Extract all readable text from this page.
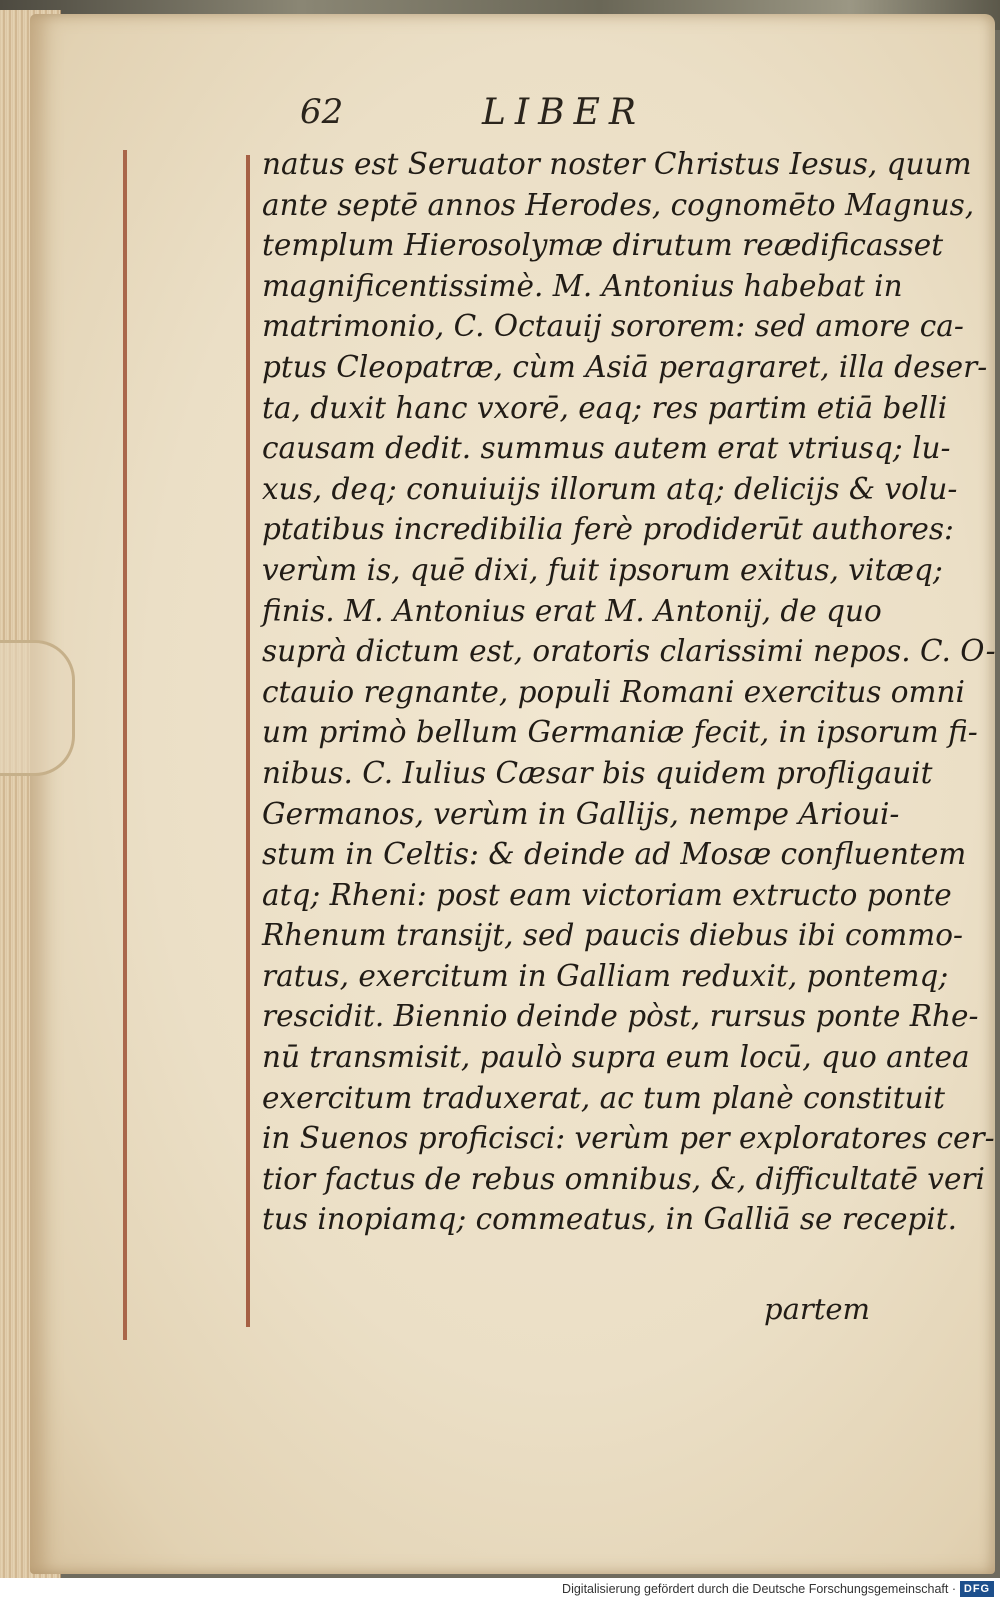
62	LIBER
natus est Seruator noster Christus Iesus, quum
ante septē annos Herodes, cognomēto Magnus,
templum Hierosolymæ dirutum reædificasset
magnificentissimè. M. Antonius habebat in
matrimonio, C. Octauij sororem: sed amore ca-
ptus Cleopatræ, cùm Asiā peragraret, illa deser-
ta, duxit hanc vxorē, eaq; res partim etiā belli
causam dedit. summus autem erat vtriusq; lu-
xus, deq; conuiuijs illorum atq; delicijs & volu-
ptatibus incredibilia ferè prodiderūt authores:
verùm is, quē dixi, fuit ipsorum exitus, vitæq;
finis. M. Antonius erat M. Antonij, de quo
suprà dictum est, oratoris clarissimi nepos. C. O-
ctauio regnante, populi Romani exercitus omni
um primò bellum Germaniæ fecit, in ipsorum fi-
nibus. C. Iulius Cæsar bis quidem profligauit
Germanos, verùm in Gallijs, nempe Arioui-
stum in Celtis: & deinde ad Mosæ confluentem
atq; Rheni: post eam victoriam extructo ponte
Rhenum transijt, sed paucis diebus ibi commo-
ratus, exercitum in Galliam reduxit, pontemq;
rescidit. Biennio deinde pòst, rursus ponte Rhe-
nū transmisit, paulò supra eum locū, quo antea
exercitum traduxerat, ac tum planè constituit
in Suenos proficisci: verùm per exploratores cer-
tior factus de rebus omnibus, &, difficultatē veri
tus inopiamq; commeatus, in Galliā se recepit.
partem
Digitalisierung gefördert durch die Deutsche Forschungsgemeinschaft · DFG
